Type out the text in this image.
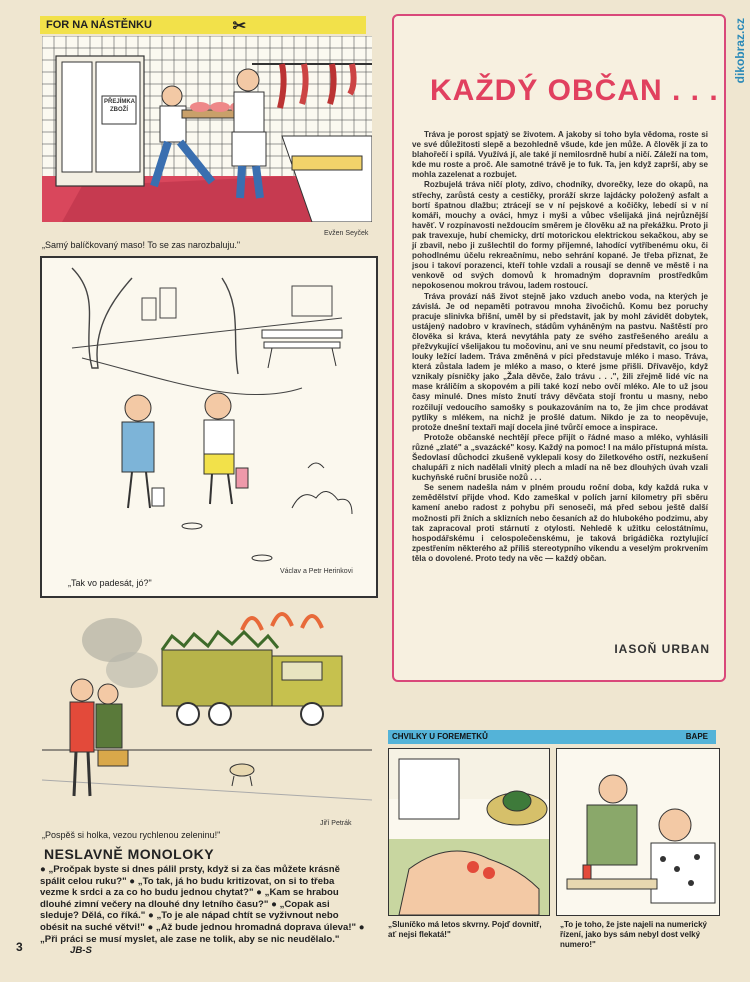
dikobraz.cz
FOR NA NÁSTĚNKU	✂
PŘEJÍMKA ZBOŽÍ
Evžen Seyček
„Samý balíčkovaný maso! To se zas narozbaluju."
„Tak vo padesát, jó?"
Václav a Petr Herinkovi
Jiří Petrák
„Pospěš si holka, vezou rychlenou zeleninu!"
KAŽDÝ OBČAN . . .

Tráva je porost spjatý se životem. A jakoby si toho byla vědoma, roste si ve své důležitosti slepě a bezohledně všude, kde jen může. A člověk jí za to blahořečí i spílá. Využívá jí, ale také jí nemilosrdně hubí a ničí. Záleží na tom, kde mu roste a proč. Ale samotné trávě je to fuk. Ta, jen když zaprší, aby se mohla zazelenat a rozbujet.

Rozbujelá tráva ničí ploty, zdivo, chodníky, dvorečky, leze do okapů, na střechy, zarůstá cesty a cestičky, proráží skrze lajdácky položený asfalt a bortí špatnou dlažbu; ztrácejí se v ní pejskové a kočičky, lebedí si v ní komáři, mouchy a ováci, hmyz i myši a vůbec všelijaká jiná nejrůznější havěť. V rozpínavosti neždoucím směrem je člověku až na překážku. Proto ji pak travexuje, hubí chemicky, drtí motorickou elektrickou sekačkou, aby se jí zbavil, nebo ji zušlechtil do formy příjemné, lahodící vytříbenému oku, či pohodlnému účelu rekreačnímu, nebo sehrání kopané. Je třeba přiznat, že jsou i takoví porazenci, kteří tohle vzdali a rousají se denně ve městě i na venkově od svých domovů k hromadným dopravním prostředkům nepokosenou mokrou trávou, ladem rostoucí.

Tráva provází náš život stejně jako vzduch anebo voda, na kterých je závislá. Je od nepaměti potravou mnoha živočichů. Komu bez poruchy pracuje slinivka břišní, uměl by si představit, jak by mohl závidět dobytek, ustájený nadobro v kravínech, stádům vyháněným na pastvu. Naštěstí pro člověka si kráva, která nevytáhla paty ze svého zastřešeného areálu a přežvykující všelijakou tu močovinu, ani ve snu neumí představit, co jsou to louky ležící ladem. Tráva změněná v píci představuje mléko i maso. Tráva, která zůstala ladem je mléko a maso, o které jsme přišli. Dřívavějo, když vznikaly písničky jako „Žala děvče, žalo trávu . . .", žili zřejmě lidé víc na mase králičím a skopovém a pili také kozí nebo ovčí mléko. Ale to už jsou časy minulé. Dnes místo žnutí trávy děvčata stojí frontu u masny, nebo rozčilují vedoucího samošky s poukazováním na to, že jim chce prodávat pytlíky s mlékem, na nichž je prošlé datum. Nikdo je za to neopěvuje, protože dnešní textaři mají docela jiné tvůrčí emoce a inspirace.

Protože občanské nechtějí přece přijít o řádné maso a mléko, vyhlásili různé „zlaté" a „svazácké" kosy. Každý na pomoc! I na málo přístupná místa. Šedovlasí důchodci zkušeně vyklepali kosy do žiletkového ostří, nezkušení chalupáři z nich nadělali vlnitý plech a mladí na ně bez dlouhých úvah vzali kuchyňské ruční brusiče nožů . . .

Se senem nadešla nám v plném proudu roční doba, kdy každá ruka v zemědělství přijde vhod. Kdo zameškal v polích jarní kilometry při sběru kamení anebo radost z pohybu při senoseči, má před sebou ještě další možnosti při žních a sklizních nebo česaních až do hlubokého podzimu, aby tak zapracoval proti stárnutí z otylosti. Nehledě k užitku celostátnímu, hospodářskému i celospolečenskému, je taková brigádička roztylující zpestřením některého až příliš stereotypního víkendu a veselým prokrvením těla o dovolené. Proto tedy na věc — každý občan.

IASOŇ URBAN
NESLAVNĚ MONOLOKY
● „Pročpak byste si dnes pálil prsty, když si za čas můžete krásně spálit celou ruku?" ● „To tak, já ho budu kritizovat, on si to třeba vezme k srdci a za co ho budu jednou chytat?" ● „Kam se hrabou dlouhé zimní večery na dlouhé dny letního času?" ● „Copak asi sleduje? Dělá, co říká." ● „To je ale nápad chtít se vyživnout nebo obésit na suché větvi!" ● „Až bude jednou hromadná doprava úleva!" ● „Při práci se musí myslet, ale zase ne tolik, aby se nic neudělalo." JB-S
3
CHVILKY U FOREMETKŮ	BAPE
„Sluníčko má letos skvrny. Pojď dovnitř, ať nejsi flekatá!"
„To je toho, že jste najeli na numerický řízení, jako bys sám nebyl dost velký numero!"
